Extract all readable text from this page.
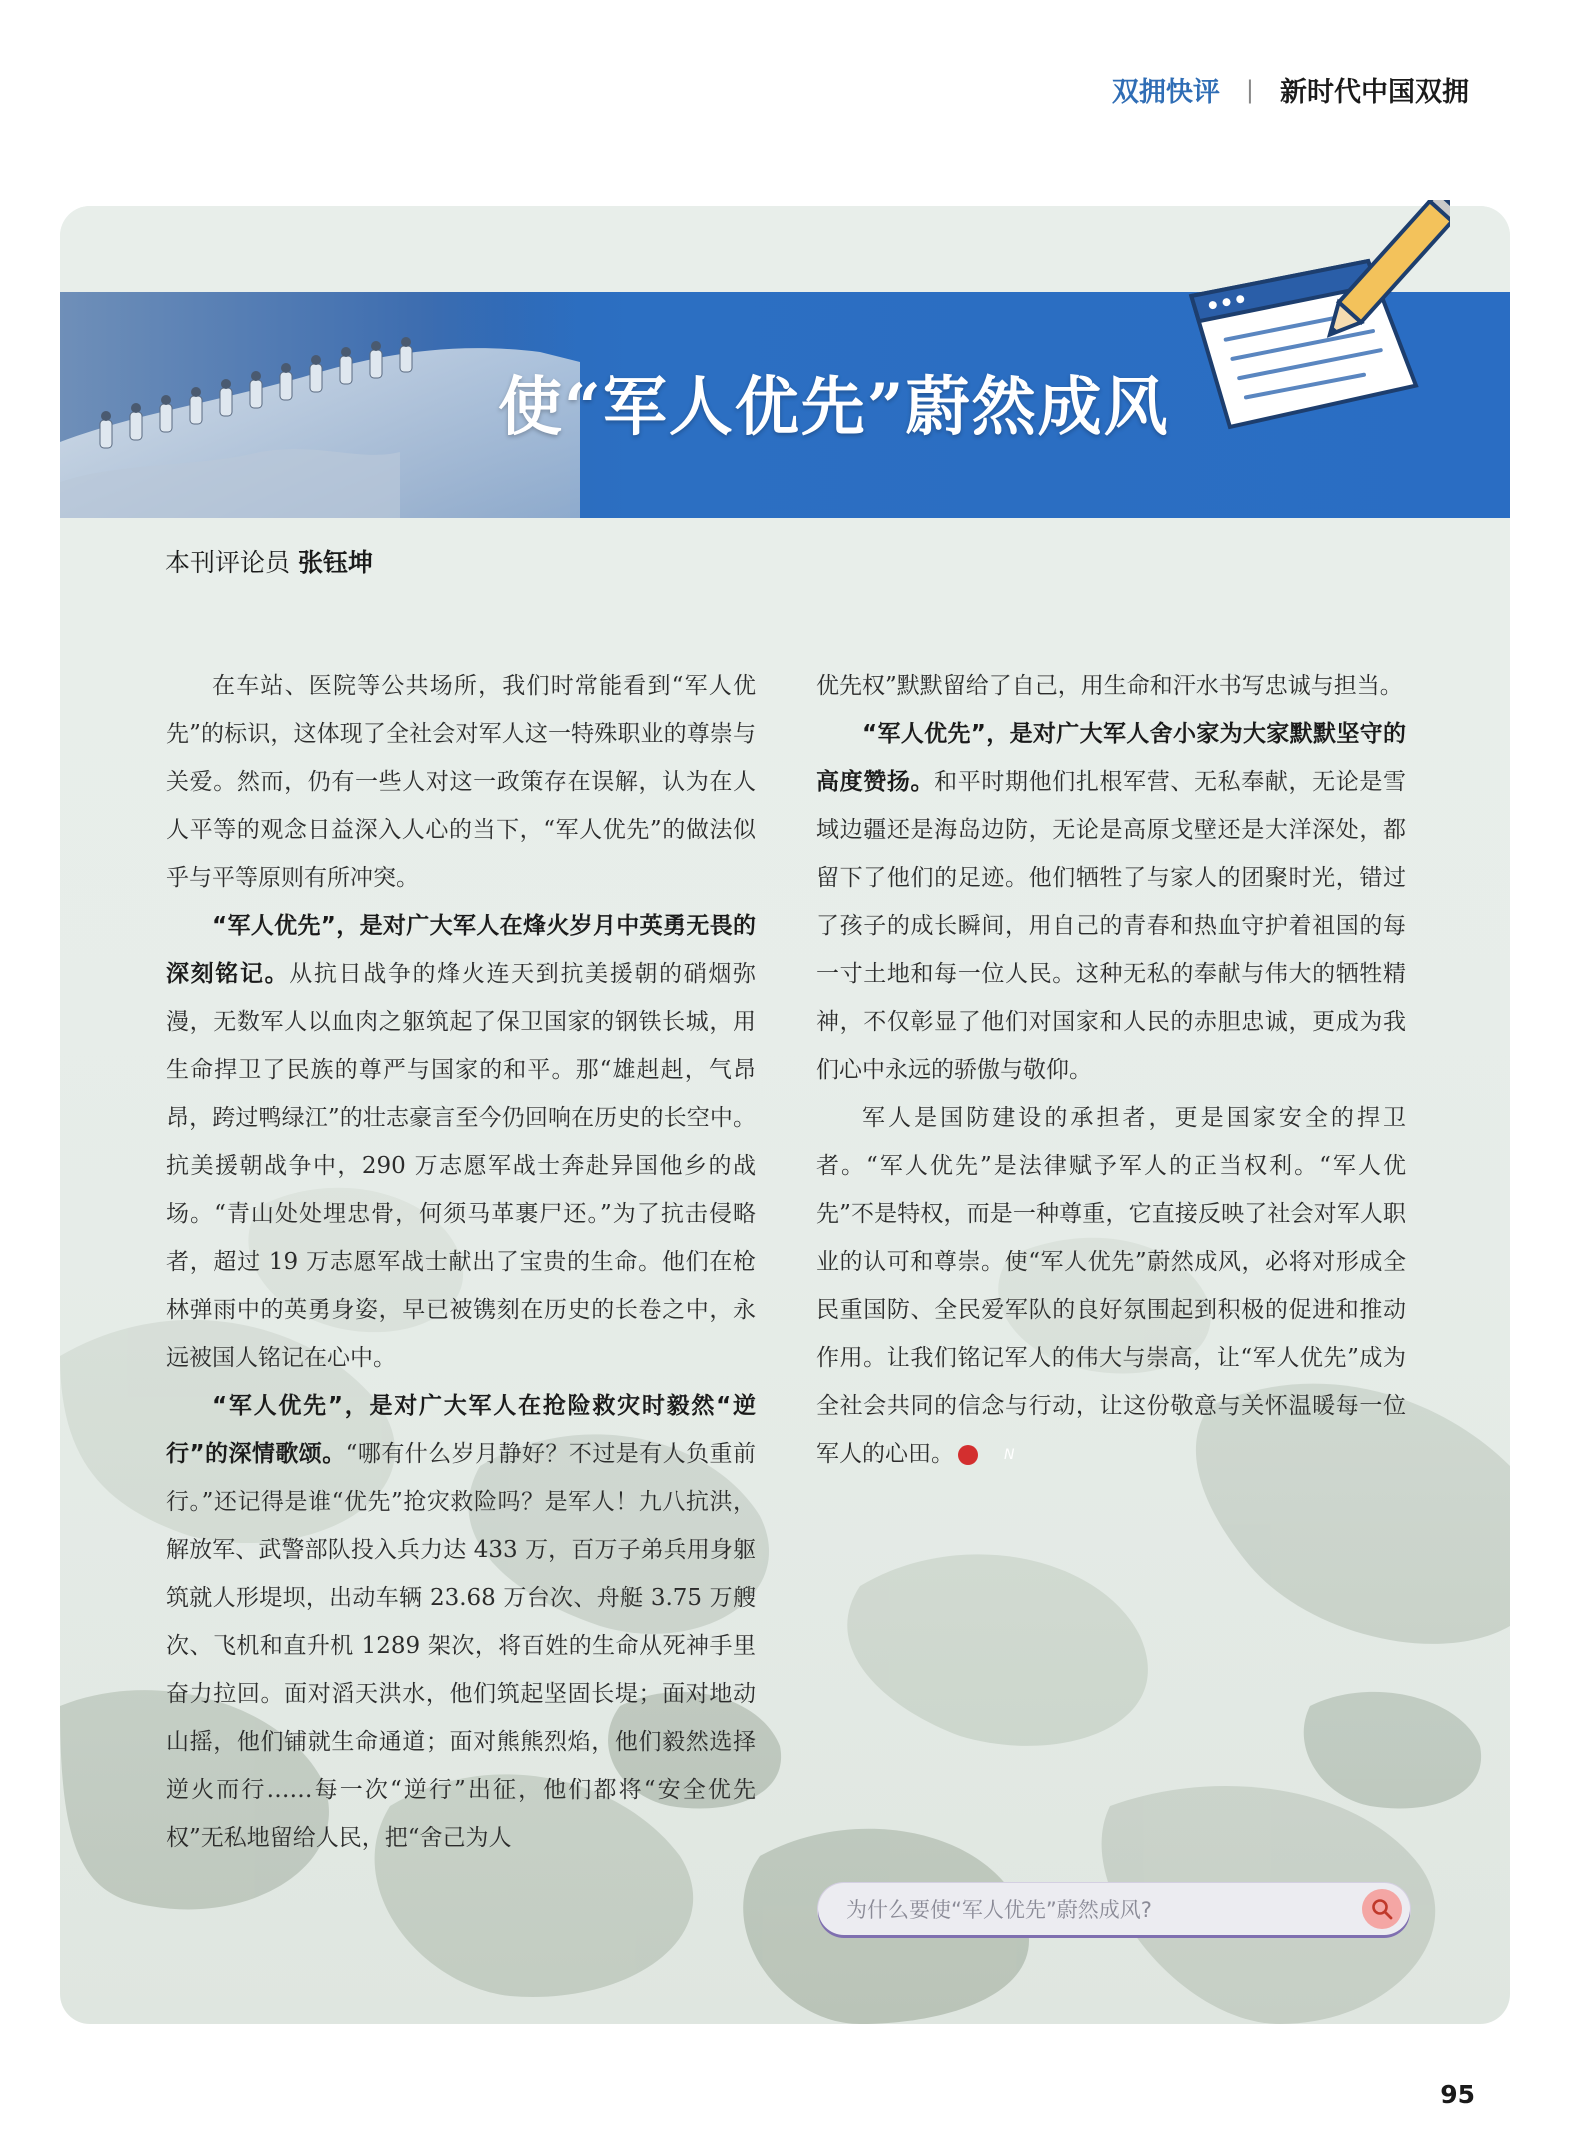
双拥快评 | 新时代中国双拥
使“军人优先”蔚然成风
本刊评论员 张钰坤

在车站、医院等公共场所，我们时常能看到“军人优先”的标识，这体现了全社会对军人这一特殊职业的尊崇与关爱。然而，仍有一些人对这一政策存在误解，认为在人人平等的观念日益深入人心的当下，“军人优先”的做法似乎与平等原则有所冲突。

“军人优先”，是对广大军人在烽火岁月中英勇无畏的深刻铭记。从抗日战争的烽火连天到抗美援朝的硝烟弥漫，无数军人以血肉之躯筑起了保卫国家的钢铁长城，用生命捍卫了民族的尊严与国家的和平。那“雄赳赳，气昂昂，跨过鸭绿江”的壮志豪言至今仍回响在历史的长空中。抗美援朝战争中，290 万志愿军战士奔赴异国他乡的战场。“青山处处埋忠骨，何须马革裹尸还。”为了抗击侵略者，超过 19 万志愿军战士献出了宝贵的生命。他们在枪林弹雨中的英勇身姿，早已被镌刻在历史的长卷之中，永远被国人铭记在心中。

“军人优先”，是对广大军人在抢险救灾时毅然“逆行”的深情歌颂。“哪有什么岁月静好？不过是有人负重前行。”还记得是谁“优先”抢灾救险吗？是军人！九八抗洪，解放军、武警部队投入兵力达 433 万，百万子弟兵用身躯筑就人形堤坝，出动车辆 23.68 万台次、舟艇 3.75 万艘次、飞机和直升机 1289 架次，将百姓的生命从死神手里奋力拉回。面对滔天洪水，他们筑起坚固长堤；面对地动山摇，他们铺就生命通道；面对熊熊烈焰，他们毅然选择逆火而行……每一次“逆行”出征，他们都将“安全优先权”无私地留给人民，把“舍己为人

优先权”默默留给了自己，用生命和汗水书写忠诚与担当。

“军人优先”，是对广大军人舍小家为大家默默坚守的高度赞扬。和平时期他们扎根军营、无私奉献，无论是雪域边疆还是海岛边防，无论是高原戈壁还是大洋深处，都留下了他们的足迹。他们牺牲了与家人的团聚时光，错过了孩子的成长瞬间，用自己的青春和热血守护着祖国的每一寸土地和每一位人民。这种无私的奉献与伟大的牺牲精神，不仅彰显了他们对国家和人民的赤胆忠诚，更成为我们心中永远的骄傲与敬仰。

军人是国防建设的承担者，更是国家安全的捍卫者。“军人优先”是法律赋予军人的正当权利。“军人优先”不是特权，而是一种尊重，它直接反映了社会对军人职业的认可和尊崇。使“军人优先”蔚然成风，必将对形成全民重国防、全民爱军队的良好氛围起到积极的促进和推动作用。让我们铭记军人的伟大与崇高，让“军人优先”成为全社会共同的信念与行动，让这份敬意与关怀温暖每一位军人的心田。	N

为什么要使“军人优先”蔚然成风?
95
